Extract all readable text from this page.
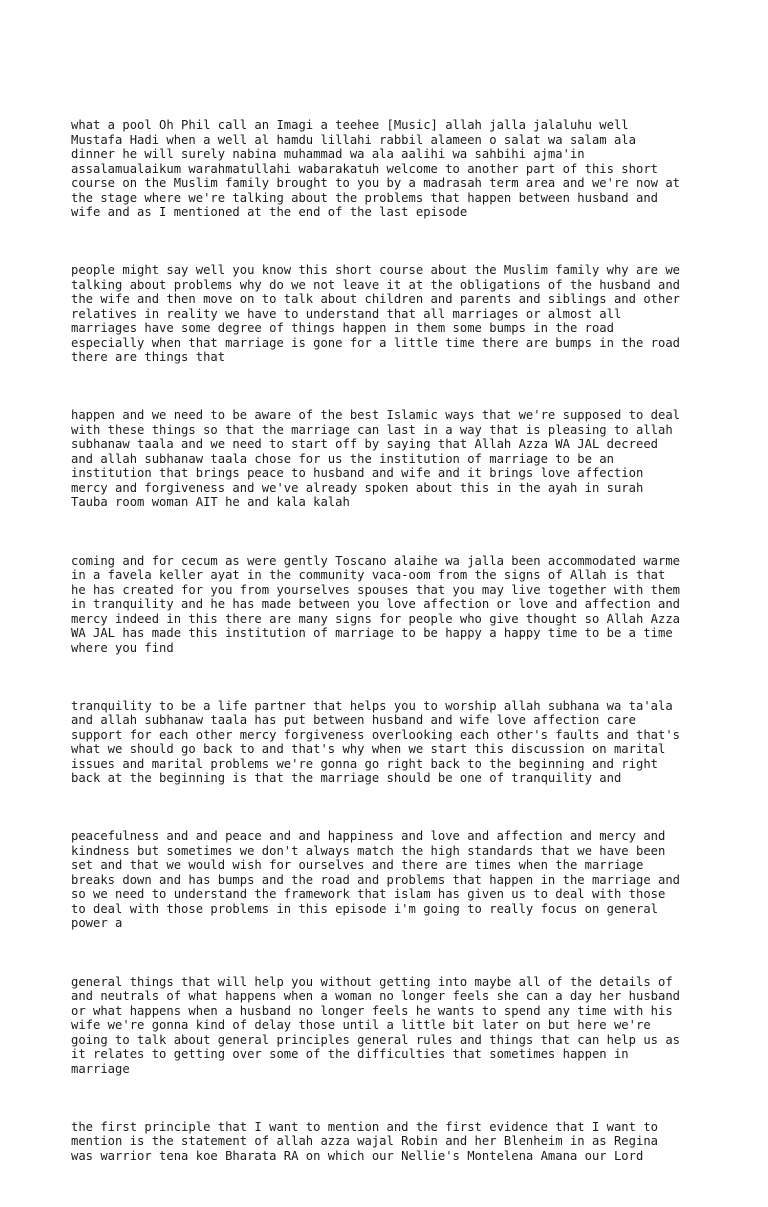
what a pool Oh Phil call an Imagi a teehee [Music] allah jalla jalaluhu well
Mustafa Hadi when a well al hamdu lillahi rabbil alameen o salat wa salam ala
dinner he will surely nabina muhammad wa ala aalihi wa sahbihi ajma'in
assalamualaikum warahmatullahi wabarakatuh welcome to another part of this short
course on the Muslim family brought to you by a madrasah term area and we're now at
the stage where we're talking about the problems that happen between husband and
wife and as I mentioned at the end of the last episode

people might say well you know this short course about the Muslim family why are we
talking about problems why do we not leave it at the obligations of the husband and
the wife and then move on to talk about children and parents and siblings and other
relatives in reality we have to understand that all marriages or almost all
marriages have some degree of things happen in them some bumps in the road
especially when that marriage is gone for a little time there are bumps in the road
there are things that

happen and we need to be aware of the best Islamic ways that we're supposed to deal
with these things so that the marriage can last in a way that is pleasing to allah
subhanaw taala and we need to start off by saying that Allah Azza WA JAL decreed
and allah subhanaw taala chose for us the institution of marriage to be an
institution that brings peace to husband and wife and it brings love affection
mercy and forgiveness and we've already spoken about this in the ayah in surah
Tauba room woman AIT he and kala kalah

coming and for cecum as were gently Toscano alaihe wa jalla been accommodated warme
in a favela keller ayat in the community vaca-oom from the signs of Allah is that
he has created for you from yourselves spouses that you may live together with them
in tranquility and he has made between you love affection or love and affection and
mercy indeed in this there are many signs for people who give thought so Allah Azza
WA JAL has made this institution of marriage to be happy a happy time to be a time
where you find

tranquility to be a life partner that helps you to worship allah subhana wa ta'ala
and allah subhanaw taala has put between husband and wife love affection care
support for each other mercy forgiveness overlooking each other's faults and that's
what we should go back to and that's why when we start this discussion on marital
issues and marital problems we're gonna go right back to the beginning and right
back at the beginning is that the marriage should be one of tranquility and

peacefulness and and peace and and happiness and love and affection and mercy and
kindness but sometimes we don't always match the high standards that we have been
set and that we would wish for ourselves and there are times when the marriage
breaks down and has bumps and the road and problems that happen in the marriage and
so we need to understand the framework that islam has given us to deal with those
to deal with those problems in this episode i'm going to really focus on general
power a

general things that will help you without getting into maybe all of the details of
and neutrals of what happens when a woman no longer feels she can a day her husband
or what happens when a husband no longer feels he wants to spend any time with his
wife we're gonna kind of delay those until a little bit later on but here we're
going to talk about general principles general rules and things that can help us as
it relates to getting over some of the difficulties that sometimes happen in
marriage

the first principle that I want to mention and the first evidence that I want to
mention is the statement of allah azza wajal Robin and her Blenheim in as Regina
was warrior tena koe Bharata RA on which our Nellie's Montelena Amana our Lord
